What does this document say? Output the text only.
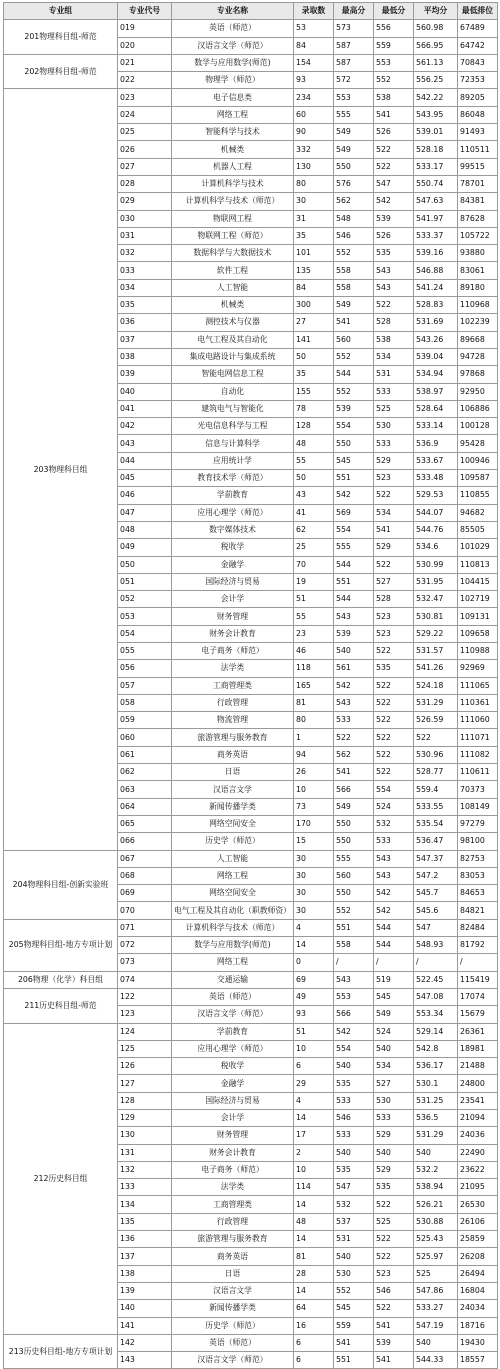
专业组	专业代号	专业名称	录取数	最高分	最低分	平均分	最低排位
201物理科目组-师范	019	英语（师范）	53	573	556	560.98	67489
	020	汉语言文学（师范）	84	587	559	566.95	64742
202物理科目组-师范	021	数学与应用数学(师范)	154	587	553	561.13	70843
	022	物理学（师范）	93	572	552	556.25	72353
203物理科目组	023	电子信息类	234	553	538	542.22	89205
	024	网络工程	60	555	541	543.95	86048
	025	智能科学与技术	90	549	526	539.01	91493
	026	机械类	332	549	522	528.18	110511
	027	机器人工程	130	550	522	533.17	99515
	028	计算机科学与技术	80	576	547	550.74	78701
	029	计算机科学与技术（师范）	30	562	542	547.63	84381
	030	物联网工程	31	548	539	541.97	87628
	031	物联网工程（师范）	35	546	526	533.37	105722
	032	数据科学与大数据技术	101	552	535	539.16	93880
	033	软件工程	135	558	543	546.88	83061
	034	人工智能	84	558	543	541.24	89180
	035	机械类	300	549	522	528.83	110968
	036	测控技术与仪器	27	541	528	531.69	102239
	037	电气工程及其自动化	141	560	538	543.26	89668
	038	集成电路设计与集成系统	50	552	534	539.04	94728
	039	智能电网信息工程	35	544	531	534.94	97868
	040	自动化	155	552	533	538.97	92950
	041	建筑电气与智能化	78	539	525	528.64	106886
	042	光电信息科学与工程	128	554	530	533.14	100128
	043	信息与计算科学	48	550	533	536.9	95428
	044	应用统计学	55	545	529	533.67	100946
	045	教育技术学（师范）	50	551	523	533.48	109587
	046	学前教育	43	542	522	529.53	110855
	047	应用心理学（师范）	41	569	534	544.07	94682
	048	数字媒体技术	62	554	541	544.76	85505
	049	税收学	25	555	529	534.6	101029
	050	金融学	70	544	522	530.99	110813
	051	国际经济与贸易	19	551	527	531.95	104415
	052	会计学	51	544	528	532.47	102719
	053	财务管理	55	543	523	530.81	109131
	054	财务会计教育	23	539	523	529.22	109658
	055	电子商务（师范）	46	540	522	531.57	110988
	056	法学类	118	561	535	541.26	92969
	057	工商管理类	165	542	522	524.18	111065
	058	行政管理	81	543	522	531.29	110361
	059	物流管理	80	533	522	526.59	111060
	060	旅游管理与服务教育	1	522	522	522	111071
	061	商务英语	94	562	522	530.96	111082
	062	日语	26	541	522	528.77	110611
	063	汉语言文学	10	566	554	559.4	70373
	064	新闻传播学类	73	549	524	533.55	108149
	065	网络空间安全	170	550	532	535.54	97279
	066	历史学（师范）	15	550	533	536.47	98100
204物理科目组-创新实验班	067	人工智能	30	555	543	547.37	82753
	068	网络工程	30	560	543	547.2	83053
	069	网络空间安全	30	550	542	545.7	84653
	070	电气工程及其自动化（职教师资）	30	552	542	545.6	84821
205物理科目组-地方专项计划	071	计算机科学与技术（师范）	4	551	544	547	82484
	072	数学与应用数学(师范)	14	558	544	548.93	81792
	073	网络工程	0	/	/	/	/
206物理（化学）科目组	074	交通运输	69	543	519	522.45	115419
211历史科目组-师范	122	英语（师范）	49	553	545	547.08	17074
	123	汉语言文学（师范）	93	566	549	553.34	15679
212历史科目组	124	学前教育	51	542	524	529.14	26361
	125	应用心理学（师范）	10	554	540	542.8	18981
	126	税收学	6	540	534	536.17	21488
	127	金融学	29	535	527	530.1	24800
	128	国际经济与贸易	4	533	530	531.25	23541
	129	会计学	14	546	533	536.5	21094
	130	财务管理	17	533	529	531.29	24036
	131	财务会计教育	2	540	540	540	22490
	132	电子商务（师范）	10	535	529	532.2	23622
	133	法学类	114	547	535	538.94	21095
	134	工商管理类	14	532	522	526.21	26530
	135	行政管理	48	537	525	530.88	26106
	136	旅游管理与服务教育	14	531	522	525.43	25859
	137	商务英语	81	540	522	525.97	26208
	138	日语	28	530	523	525	26494
	139	汉语言文学	14	552	546	547.86	16804
	140	新闻传播学类	64	545	522	533.27	24034
	141	历史学（师范）	16	559	541	547.19	18716
213历史科目组-地方专项计划	142	英语（师范）	6	541	539	540	19430
	143	汉语言文学（师范）	6	551	541	544.33	18557
